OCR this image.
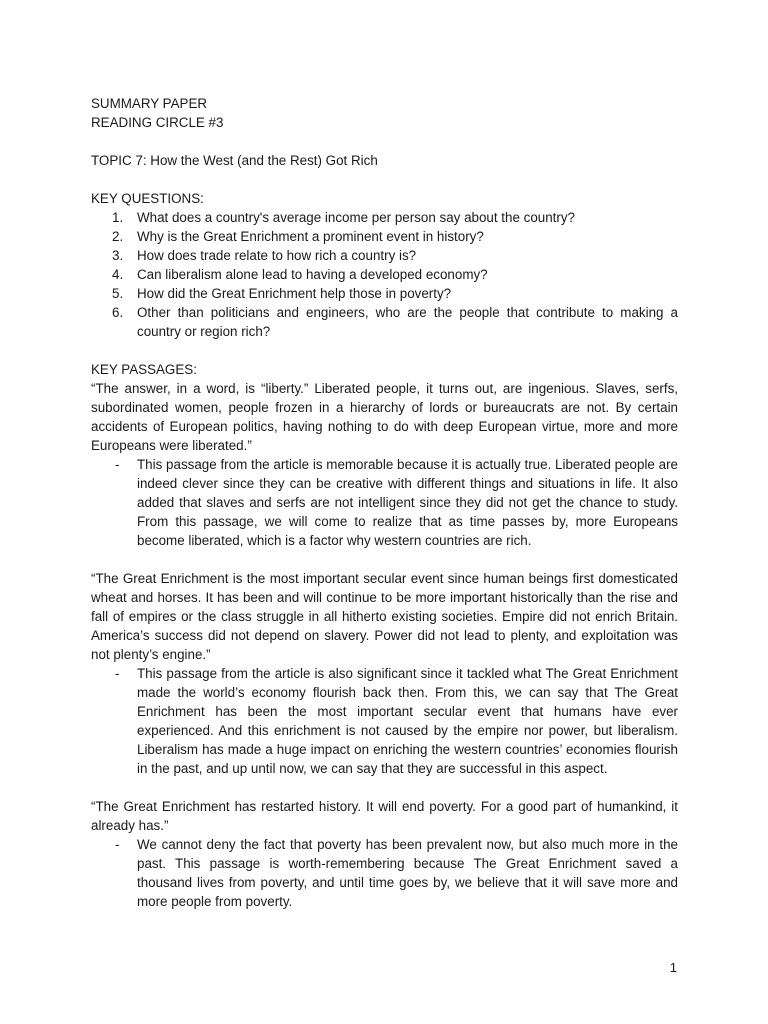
SUMMARY PAPER

READING CIRCLE #3

TOPIC 7: How the West (and the Rest) Got Rich

KEY QUESTIONS:

1.	What does a country's average income per person say about the country?
2.	Why is the Great Enrichment a prominent event in history?
3.	How does trade relate to how rich a country is?
4.	Can liberalism alone lead to having a developed economy?
5.	How did the Great Enrichment help those in poverty?
6.	Other than politicians and engineers, who are the people that contribute to making a country or region rich?

KEY PASSAGES:

“The answer, in a word, is “liberty.” Liberated people, it turns out, are ingenious. Slaves, serfs, subordinated women, people frozen in a hierarchy of lords or bureaucrats are not. By certain accidents of European politics, having nothing to do with deep European virtue, more and more Europeans were liberated.”

-	This passage from the article is memorable because it is actually true. Liberated people are indeed clever since they can be creative with different things and situations in life. It also added that slaves and serfs are not intelligent since they did not get the chance to study. From this passage, we will come to realize that as time passes by, more Europeans become liberated, which is a factor why western countries are rich.

“The Great Enrichment is the most important secular event since human beings first domesticated wheat and horses. It has been and will continue to be more important historically than the rise and fall of empires or the class struggle in all hitherto existing societies. Empire did not enrich Britain. America’s success did not depend on slavery. Power did not lead to plenty, and exploitation was not plenty’s engine.”

-	This passage from the article is also significant since it tackled what The Great Enrichment made the world’s economy flourish back then. From this, we can say that The Great Enrichment has been the most important secular event that humans have ever experienced. And this enrichment is not caused by the empire nor power, but liberalism. Liberalism has made a huge impact on enriching the western countries’ economies flourish in the past, and up until now, we can say that they are successful in this aspect.

“The Great Enrichment has restarted history. It will end poverty. For a good part of humankind, it already has.”

-	We cannot deny the fact that poverty has been prevalent now, but also much more in the past. This passage is worth-remembering because The Great Enrichment saved a thousand lives from poverty, and until time goes by, we believe that it will save more and more people from poverty.
1
